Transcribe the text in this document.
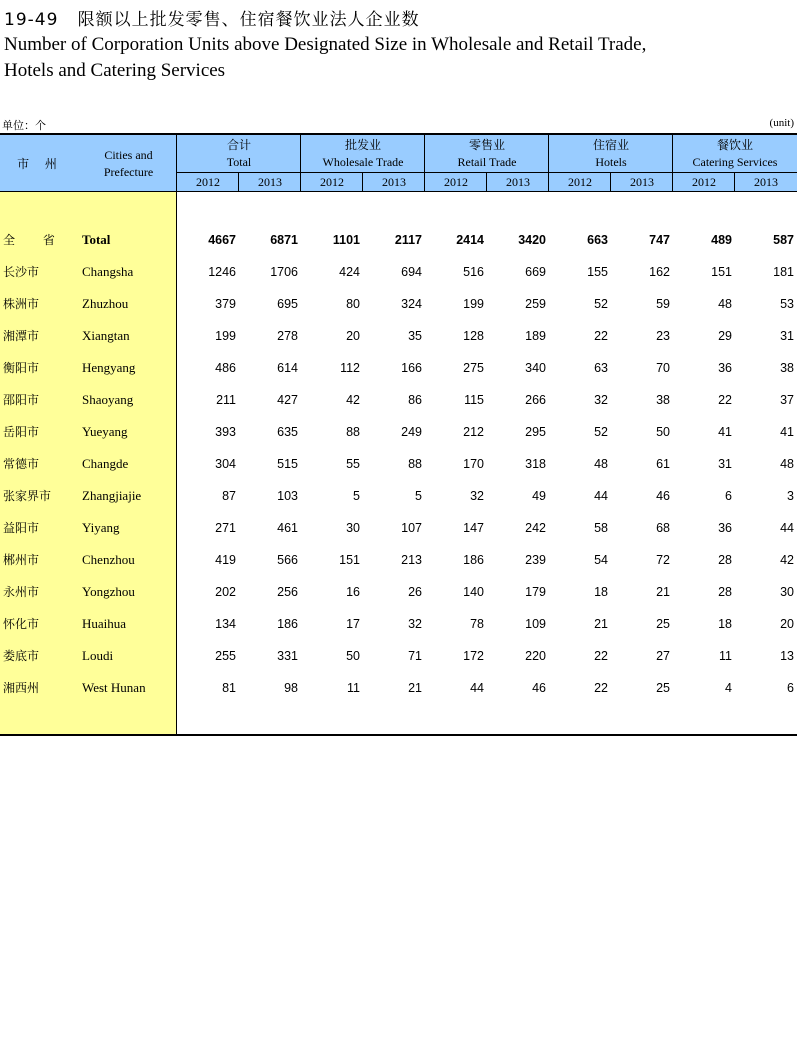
19-49 限额以上批发零售、住宿餐饮业法人企业数
Number of Corporation Units above Designated Size in Wholesale and Retail Trade,
Hotels and Catering Services
单位：个	(unit)
市 州
Cities and
Prefecture
合计
Total
批发业
Wholesale Trade
零售业
Retail Trade
住宿业
Hotels
餐饮业
Catering Services
2012	2013	2012	2013	2012	2013	2012	2013	2012	2013
全 省 Total	4667	6871	1101	2117	2414	3420	663	747	489	587
长沙市	Changsha	1246	1706	424	694	516	669	155	162	151	181
株洲市	Zhuzhou	379	695	80	324	199	259	52	59	48	53
湘潭市	Xiangtan	199	278	20	35	128	189	22	23	29	31
衡阳市	Hengyang	486	614	112	166	275	340	63	70	36	38
邵阳市	Shaoyang	211	427	42	86	115	266	32	38	22	37
岳阳市	Yueyang	393	635	88	249	212	295	52	50	41	41
常德市	Changde	304	515	55	88	170	318	48	61	31	48
张家界市 Zhangjiajie	87	103	5	5	32	49	44	46	6	3
益阳市	Yiyang	271	461	30	107	147	242	58	68	36	44
郴州市	Chenzhou	419	566	151	213	186	239	54	72	28	42
永州市	Yongzhou	202	256	16	26	140	179	18	21	28	30
怀化市	Huaihua	134	186	17	32	78	109	21	25	18	20
娄底市	Loudi	255	331	50	71	172	220	22	27	11	13
湘西州	West Hunan	81	98	11	21	44	46	22	25	4	6
